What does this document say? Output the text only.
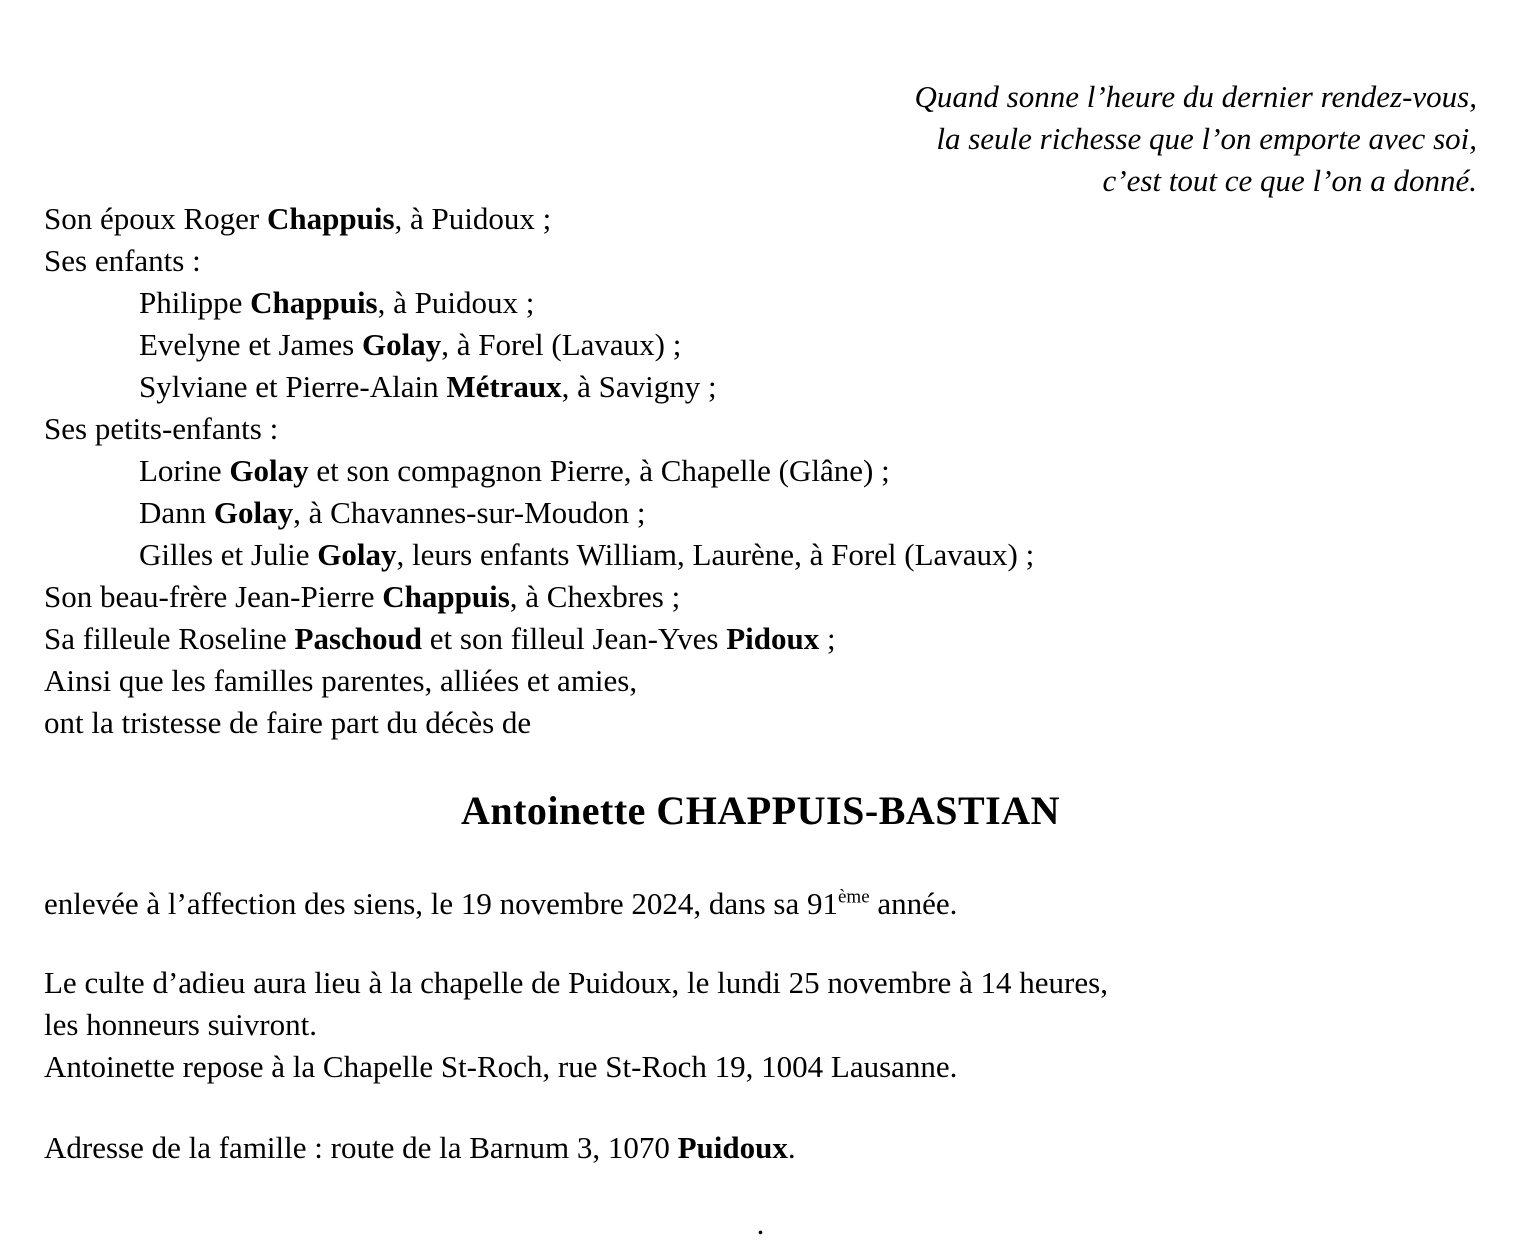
Quand sonne l’heure du dernier rendez-vous,
la seule richesse que l’on emporte avec soi,
c’est tout ce que l’on a donné.
Son époux Roger Chappuis, à Puidoux ;
Ses enfants :
Philippe Chappuis, à Puidoux ;
Evelyne et James Golay, à Forel (Lavaux) ;
Sylviane et Pierre-Alain Métraux, à Savigny ;
Ses petits-enfants :
Lorine Golay et son compagnon Pierre, à Chapelle (Glâne) ;
Dann Golay, à Chavannes-sur-Moudon ;
Gilles et Julie Golay, leurs enfants William, Laurène, à Forel (Lavaux) ;
Son beau-frère Jean-Pierre Chappuis, à Chexbres ;
Sa filleule Roseline Paschoud et son filleul Jean-Yves Pidoux ;
Ainsi que les familles parentes, alliées et amies,
ont la tristesse de faire part du décès de
Antoinette CHAPPUIS-BASTIAN
enlevée à l’affection des siens, le 19 novembre 2024, dans sa 91ème année.
Le culte d’adieu aura lieu à la chapelle de Puidoux, le lundi 25 novembre à 14 heures,
les honneurs suivront.
Antoinette repose à la Chapelle St-Roch, rue St-Roch 19, 1004 Lausanne.
Adresse de la famille : route de la Barnum 3, 1070 Puidoux.
.
